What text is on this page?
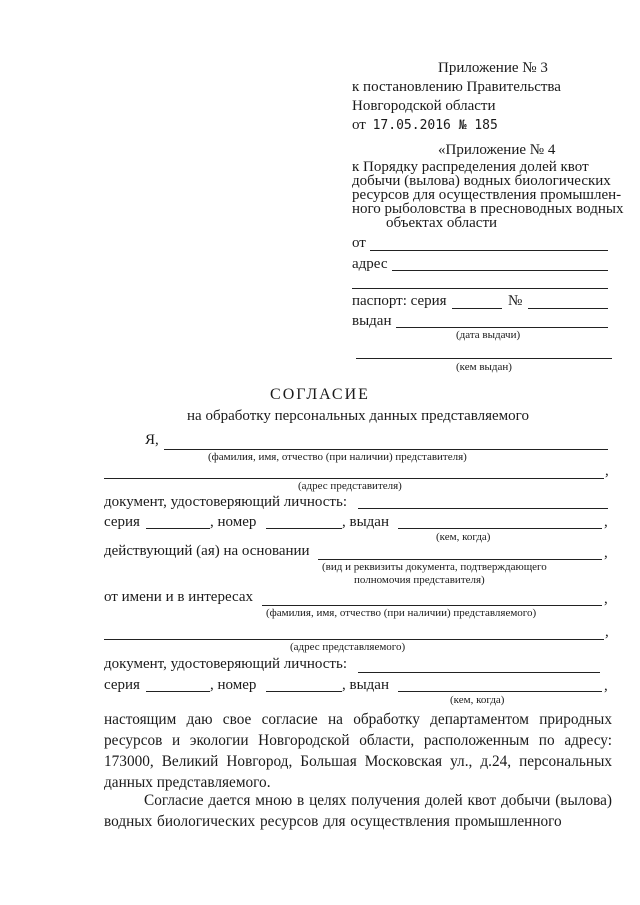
Приложение № 3
к постановлению Правительства
Новгородской области
от 17.05.2016 № 185
«Приложение № 4
к Порядку распределения долей квот
добычи (вылова) водных биологических
ресурсов для осуществления промышлен-
ного рыболовства в пресноводных водных
объектах области
от
адрес
паспорт: серия	№
выдан
(дата выдачи)
(кем выдан)
СОГЛАСИЕ
на обработку персональных данных представляемого
Я,
(фамилия, имя, отчество (при наличии) представителя)
,
(адрес представителя)
документ, удостоверяющий личность:
серия	, номер	, выдан	,
(кем, когда)
действующий (ая) на основании	,
(вид и реквизиты документа, подтверждающего
полномочия представителя)
от имени и в интересах	,
(фамилия, имя, отчество (при наличии) представляемого)
,
(адрес представляемого)
документ, удостоверяющий личность:
серия	, номер	, выдан	,
(кем, когда)
настоящим даю свое согласие на обработку департаментом природных ресурсов и экологии Новгородской области, расположенным по адресу: 173000, Великий Новгород, Большая Московская ул., д.24, персональных данных представляемого.
Согласие дается мною в целях получения долей квот добычи (вылова) водных биологических ресурсов для осуществления промышленного
